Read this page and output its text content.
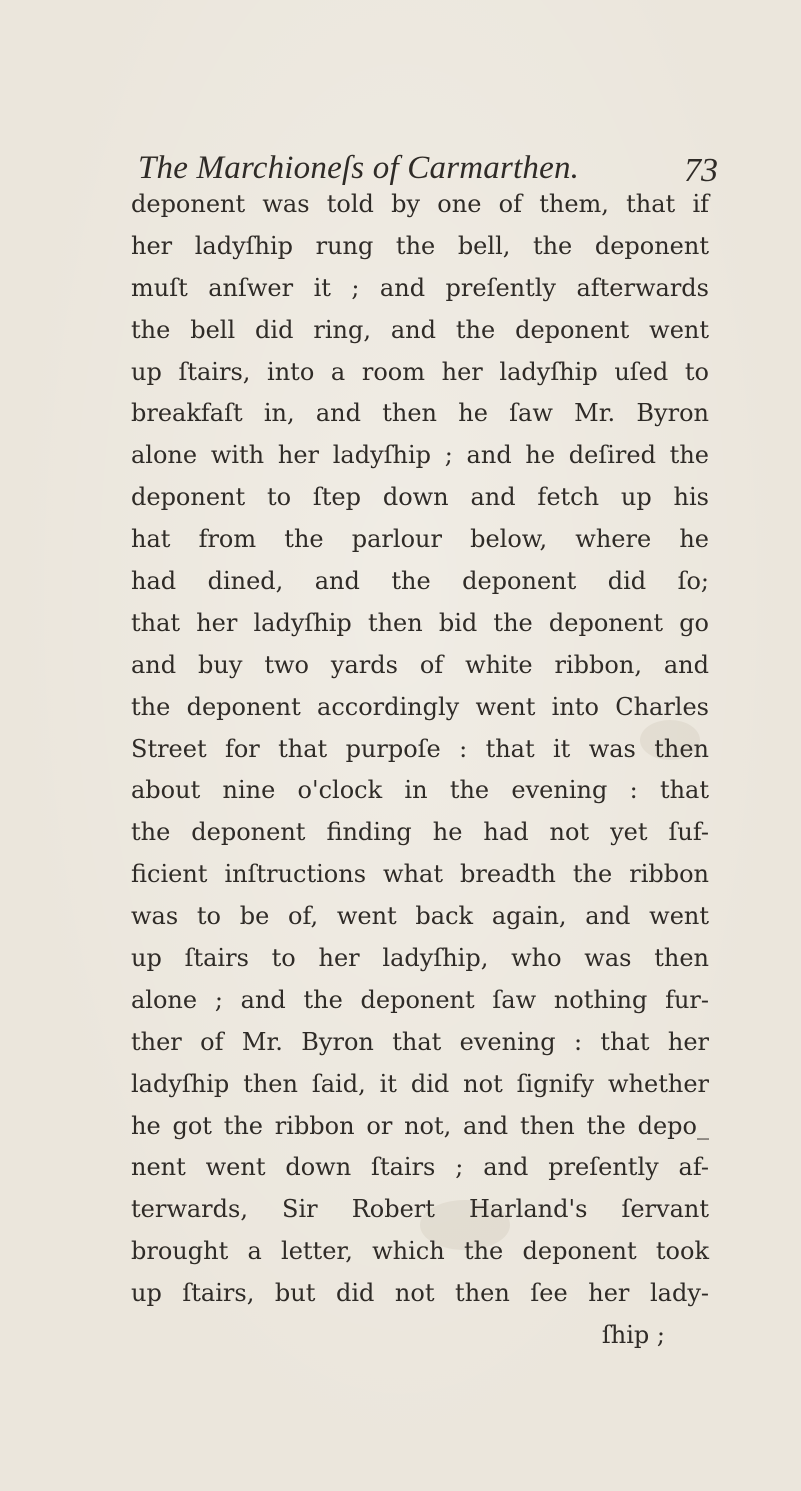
The Marchioneſs of Carmarthen.	73
deponent was told by one of them, that if
her ladyſhip rung the bell, the deponent
muſt anſwer it ; and preſently afterwards
the bell did ring, and the deponent went
up ſtairs, into a room her ladyſhip uſed to
breakfaſt in, and then he ſaw Mr. Byron
alone with her ladyſhip ; and he deſired the
deponent to ſtep down and fetch up his
hat from the parlour below, where he
had dined, and the deponent did ſo;
that her ladyſhip then bid the deponent go
and buy two yards of white ribbon, and
the deponent accordingly went into Charles
Street for that purpoſe : that it was then
about nine o'clock in the evening : that
the deponent finding he had not yet ſuf-
ficient inſtructions what breadth the ribbon
was to be of, went back again, and went
up ſtairs to her ladyſhip, who was then
alone ; and the deponent ſaw nothing fur-
ther of Mr. Byron that evening : that her
ladyſhip then ſaid, it did not ſignify whether
he got the ribbon or not, and then the depo_
nent went down ſtairs ; and preſently af-
terwards, Sir Robert Harland's ſervant
brought a letter, which the deponent took
up ſtairs, but did not then ſee her lady-
ſhip ;
